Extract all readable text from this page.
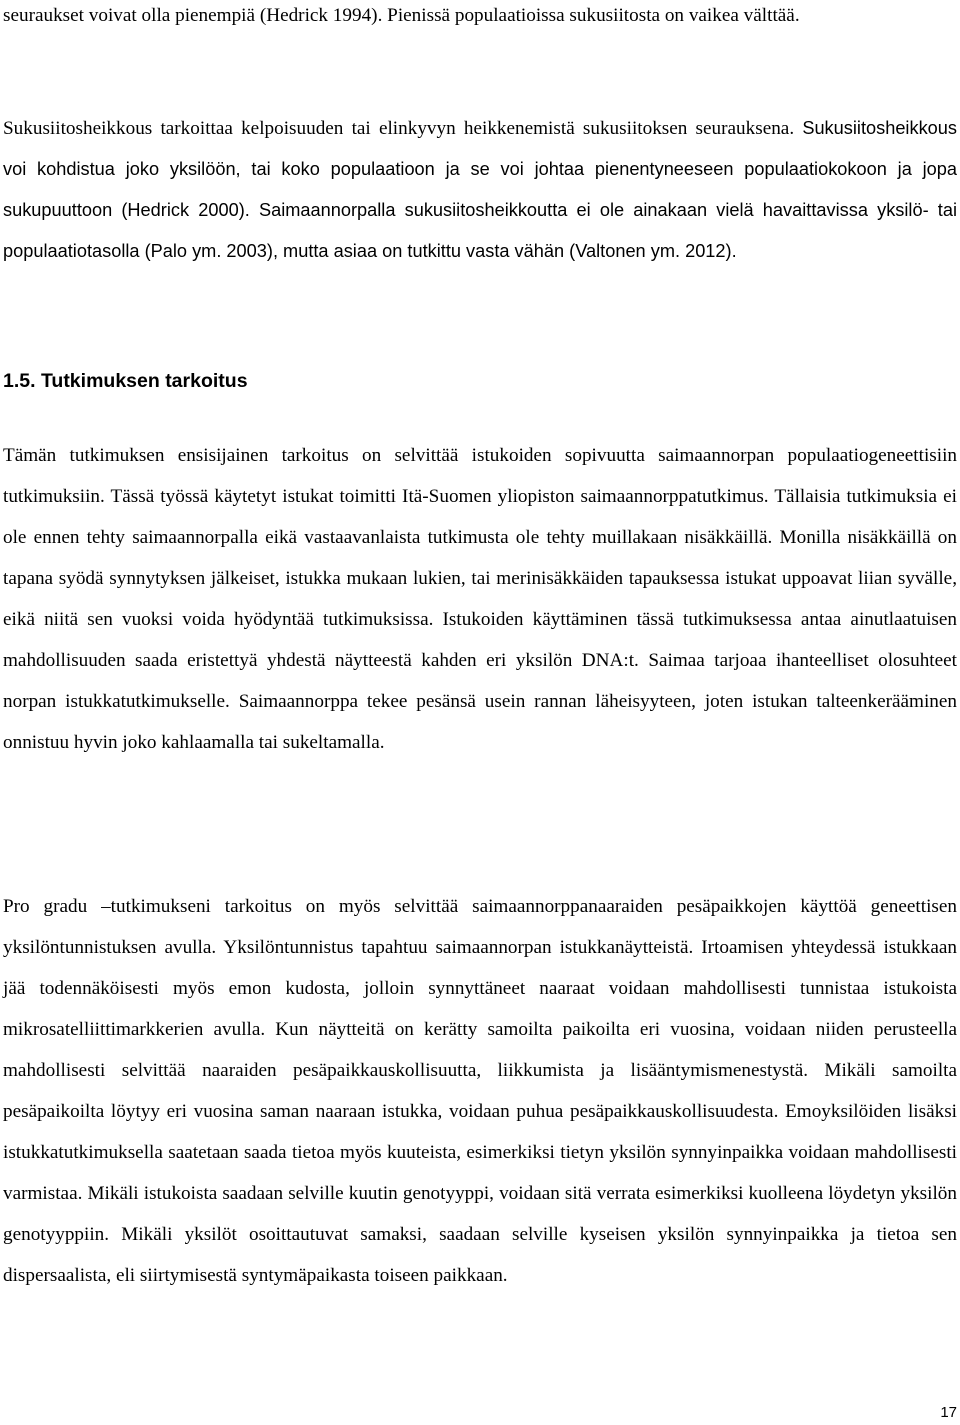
seuraukset voivat olla pienempiä (Hedrick 1994). Pienissä populaatioissa sukusiitosta on vaikea välttää.

Sukusiitosheikkous tarkoittaa kelpoisuuden tai elinkyvyn heikkenemistä sukusiitoksen seurauksena. Sukusiitosheikkous voi kohdistua joko yksilöön, tai koko populaatioon ja se voi johtaa pienentyneeseen populaatiokokoon ja jopa sukupuuttoon (Hedrick 2000). Saimaannorpalla sukusiitosheikkoutta ei ole ainakaan vielä havaittavissa yksilö- tai populaatiotasolla (Palo ym. 2003), mutta asiaa on tutkittu vasta vähän (Valtonen ym. 2012).

1.5. Tutkimuksen tarkoitus

Tämän tutkimuksen ensisijainen tarkoitus on selvittää istukoiden sopivuutta saimaannorpan populaatiogeneettisiin tutkimuksiin. Tässä työssä käytetyt istukat toimitti Itä-Suomen yliopiston saimaannorppatutkimus. Tällaisia tutkimuksia ei ole ennen tehty saimaannorpalla eikä vastaavanlaista tutkimusta ole tehty muillakaan nisäkkäillä. Monilla nisäkkäillä on tapana syödä synnytyksen jälkeiset, istukka mukaan lukien, tai merinisäkkäiden tapauksessa istukat uppoavat liian syvälle, eikä niitä sen vuoksi voida hyödyntää tutkimuksissa. Istukoiden käyttäminen tässä tutkimuksessa antaa ainutlaatuisen mahdollisuuden saada eristettyä yhdestä näytteestä kahden eri yksilön DNA:t. Saimaa tarjoaa ihanteelliset olosuhteet norpan istukkatutkimukselle. Saimaannorppa tekee pesänsä usein rannan läheisyyteen, joten istukan talteenkerääminen onnistuu hyvin joko kahlaamalla tai sukeltamalla.

Pro gradu –tutkimukseni tarkoitus on myös selvittää saimaannorppanaaraiden pesäpaikkojen käyttöä geneettisen yksilöntunnistuksen avulla. Yksilöntunnistus tapahtuu saimaannorpan istukkanäytteistä. Irtoamisen yhteydessä istukkaan jää todennäköisesti myös emon kudosta, jolloin synnyttäneet naaraat voidaan mahdollisesti tunnistaa istukoista mikrosatelliittimarkkerien avulla. Kun näytteitä on kerätty samoilta paikoilta eri vuosina, voidaan niiden perusteella mahdollisesti selvittää naaraiden pesäpaikkauskollisuutta, liikkumista ja lisääntymismenestystä. Mikäli samoilta pesäpaikoilta löytyy eri vuosina saman naaraan istukka, voidaan puhua pesäpaikkauskollisuudesta. Emoyksilöiden lisäksi istukkatutkimuksella saatetaan saada tietoa myös kuuteista, esimerkiksi tietyn yksilön synnyinpaikka voidaan mahdollisesti varmistaa. Mikäli istukoista saadaan selville kuutin genotyyppi, voidaan sitä verrata esimerkiksi kuolleena löydetyn yksilön genotyyppiin. Mikäli yksilöt osoittautuvat samaksi, saadaan selville kyseisen yksilön synnyinpaikka ja tietoa sen dispersaalista, eli siirtymisestä syntymäpaikasta toiseen paikkaan.

17
